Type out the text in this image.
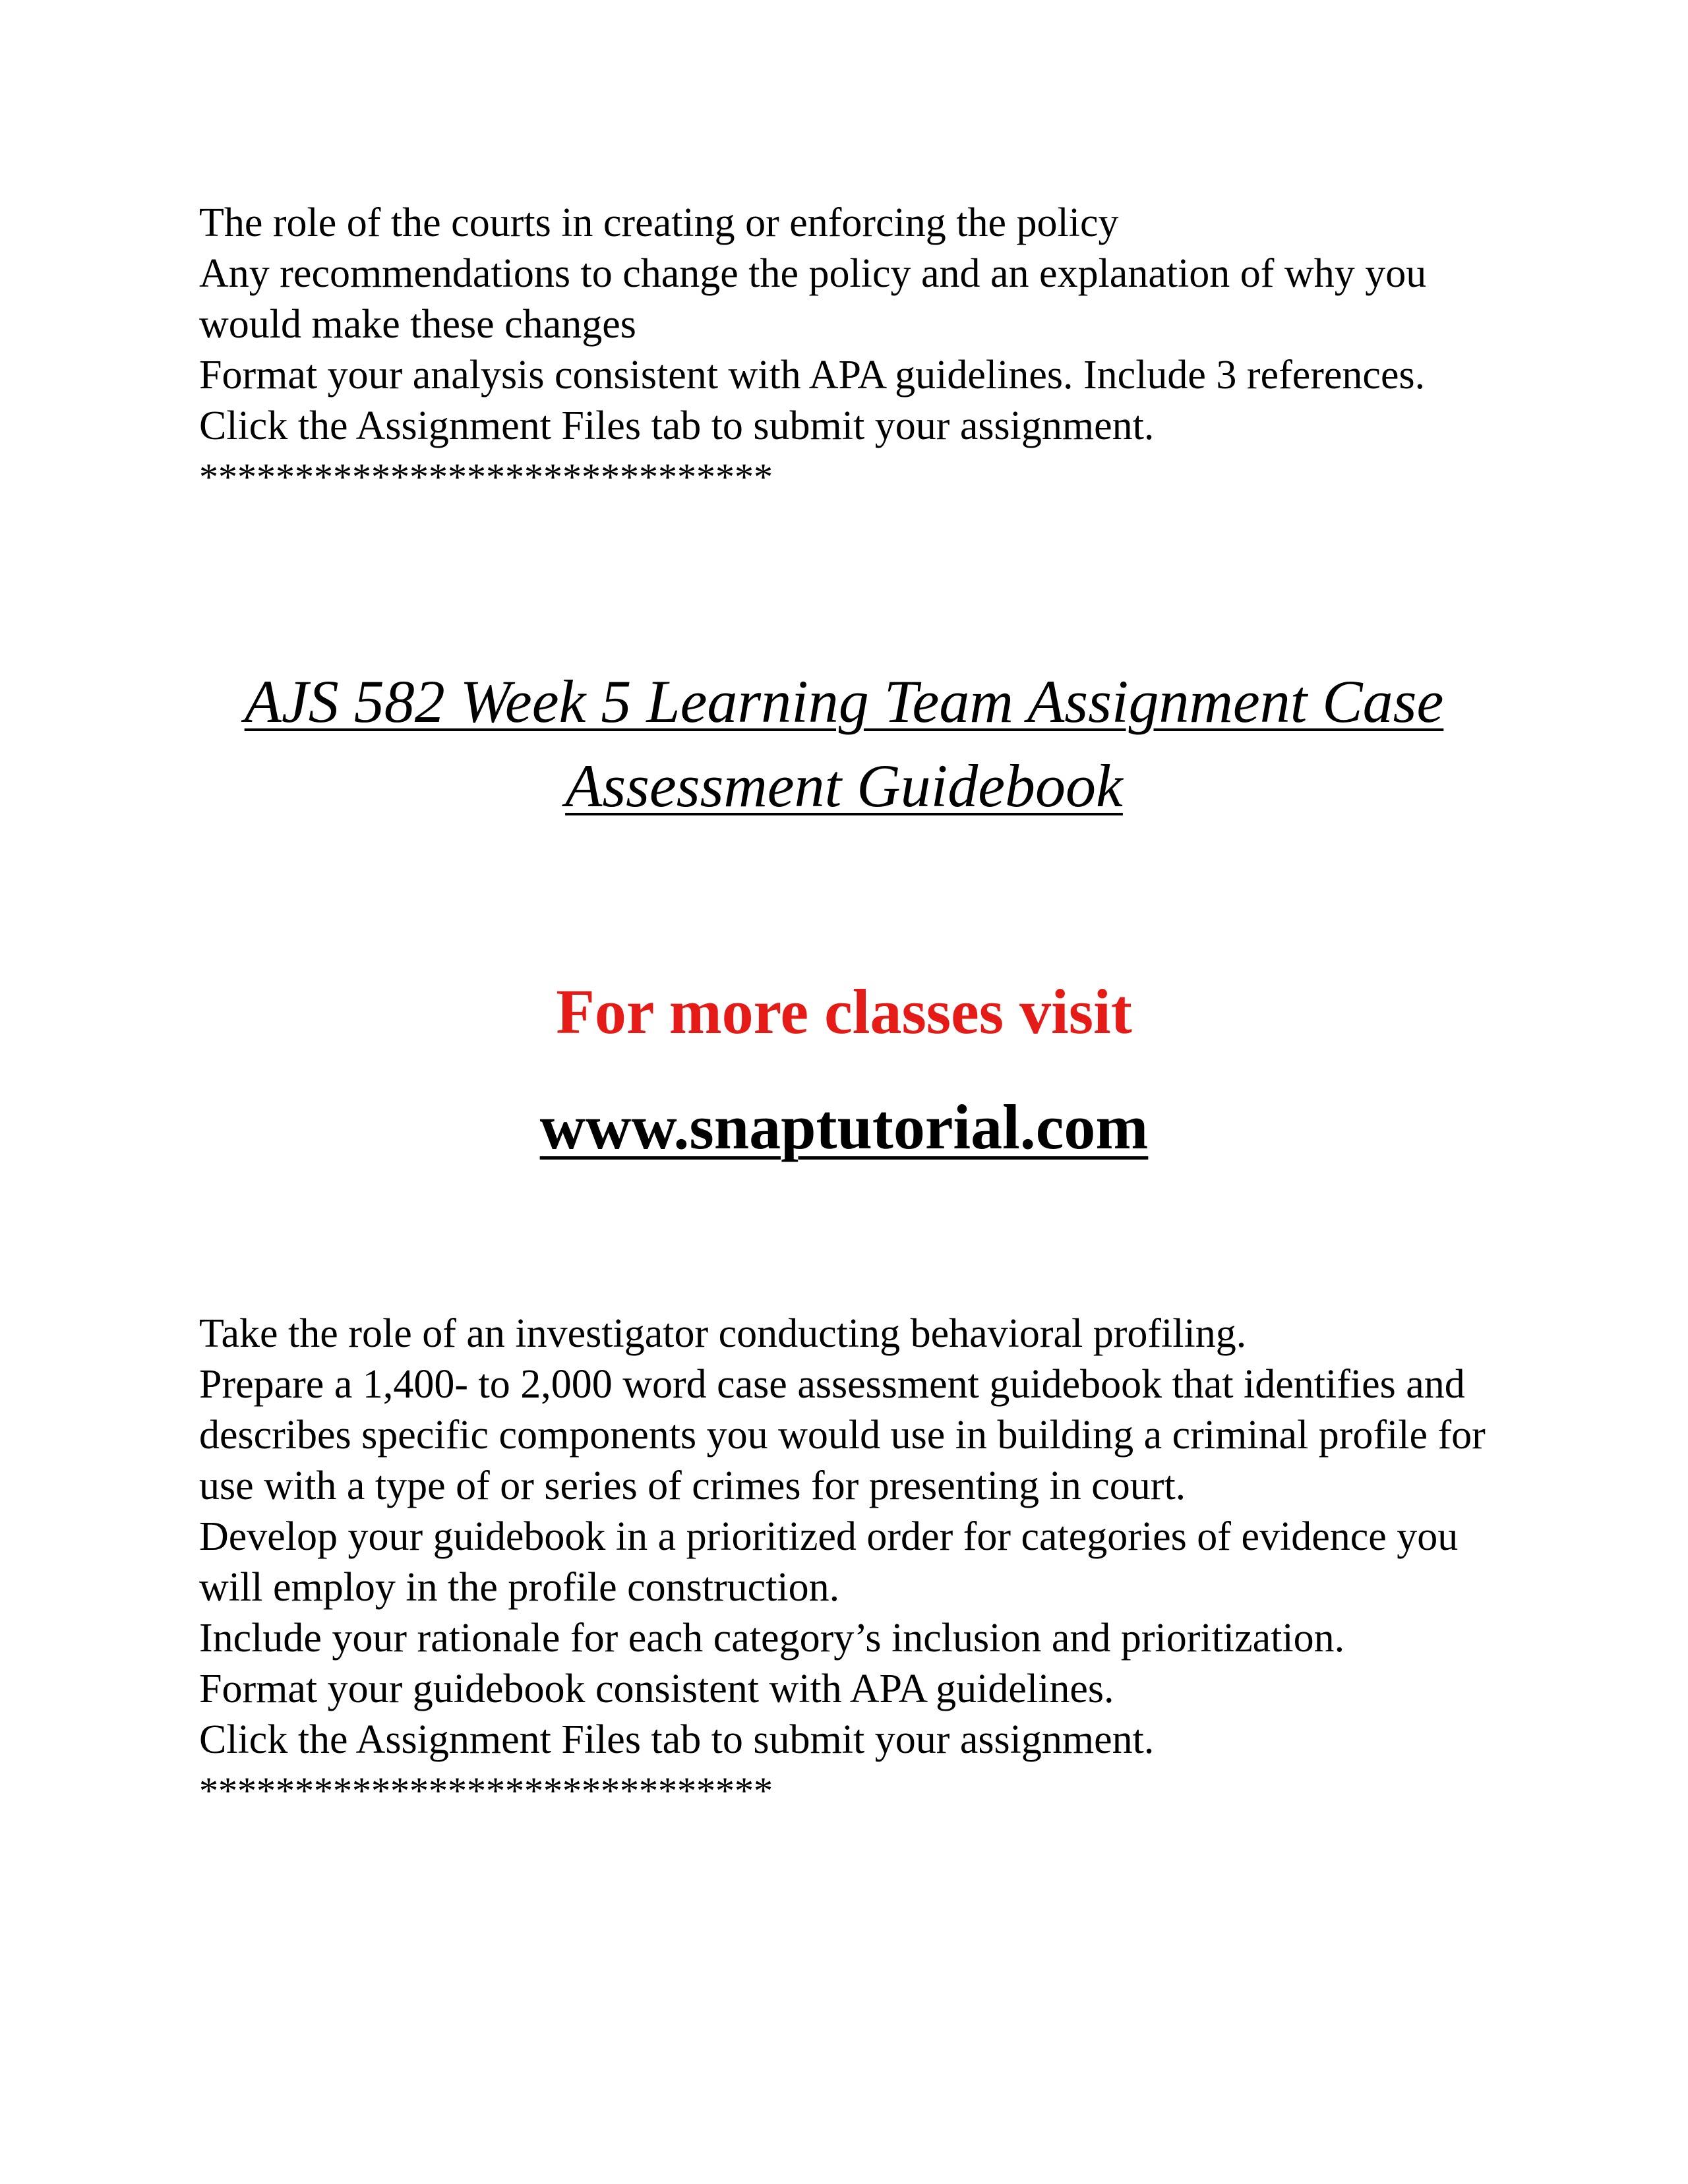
The role of the courts in creating or enforcing the policy

Any recommendations to change the policy and an explanation of why you would make these changes

Format your analysis consistent with APA guidelines. Include 3 references.

Click the Assignment Files tab to submit your assignment.

******************************

AJS 582 Week 5 Learning Team Assignment Case Assessment Guidebook

For more classes visit

www.snaptutorial.com

Take the role of an investigator conducting behavioral profiling.

Prepare a 1,400- to 2,000 word case assessment guidebook that identifies and describes specific components you would use in building a criminal profile for use with a type of or series of crimes for presenting in court.

Develop your guidebook in a prioritized order for categories of evidence you will employ in the profile construction.

Include your rationale for each category’s inclusion and prioritization.

Format your guidebook consistent with APA guidelines.

Click the Assignment Files tab to submit your assignment.

******************************
